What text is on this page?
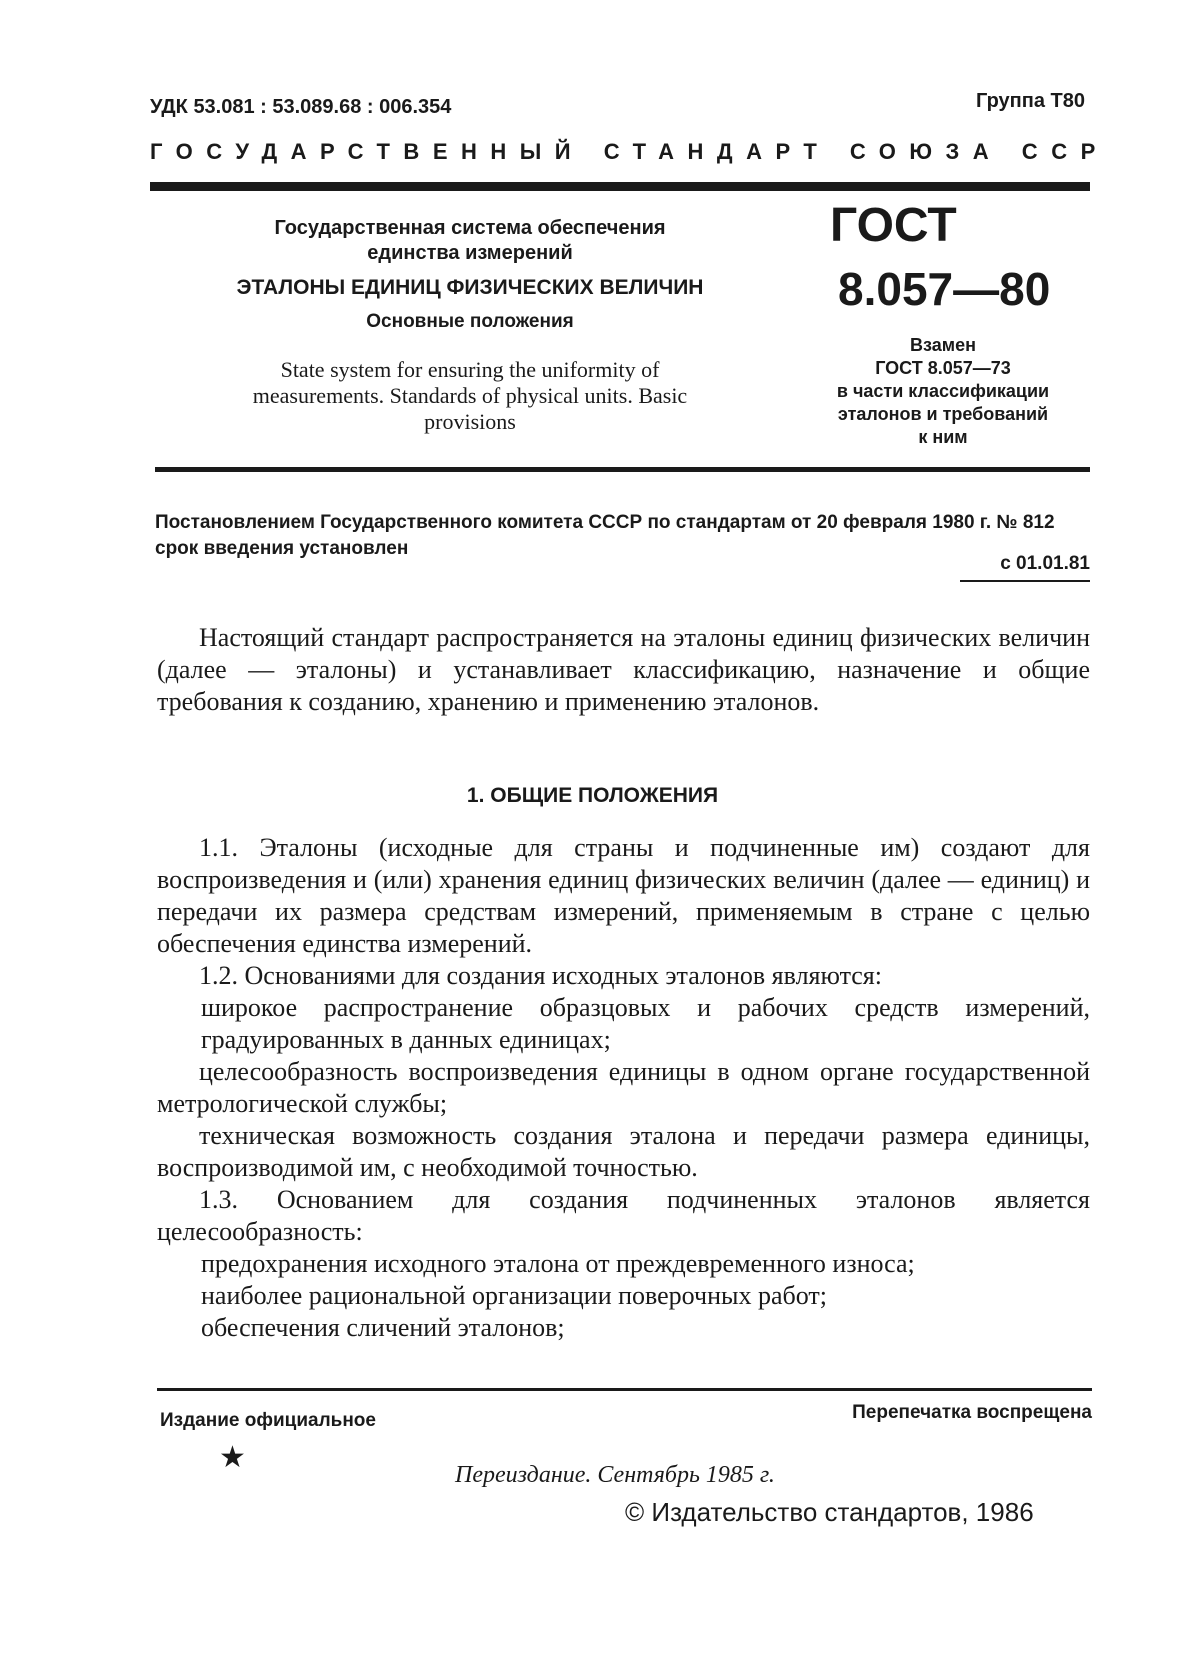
УДК 53.081 : 53.089.68 : 006.354	Группа Т80
ГОСУДАРСТВЕННЫЙ СТАНДАРТ СОЮЗА ССР
Государственная система обеспечения
единства измерений
ЭТАЛОНЫ ЕДИНИЦ ФИЗИЧЕСКИХ ВЕЛИЧИН
Основные положения
State system for ensuring the uniformity of measurements. Standards of physical units. Basic provisions
ГОСТ
8.057—80
Взамен
ГОСТ 8.057—73
в части классификации
эталонов и требований
к ним
Постановлением Государственного комитета СССР по стандартам от 20 февраля 1980 г. № 812 срок введения установлен
с 01.01.81
Настоящий стандарт распространяется на эталоны единиц физических величин (далее — эталоны) и устанавливает классификацию, назначение и общие требования к созданию, хранению и применению эталонов.
1. ОБЩИЕ ПОЛОЖЕНИЯ
1.1. Эталоны (исходные для страны и подчиненные им) создают для воспроизведения и (или) хранения единиц физических величин (далее — единиц) и передачи их размера средствам измерений, применяемым в стране с целью обеспечения единства измерений.
1.2. Основаниями для создания исходных эталонов являются:
широкое распространение образцовых и рабочих средств измерений, градуированных в данных единицах;
целесообразность воспроизведения единицы в одном органе государственной метрологической службы;
техническая возможность создания эталона и передачи размера единицы, воспроизводимой им, с необходимой точностью.
1.3. Основанием для создания подчиненных эталонов является целесообразность:
предохранения исходного эталона от преждевременного износа;
наиболее рациональной организации поверочных работ;
обеспечения сличений эталонов;
Издание официальное	Перепечатка воспрещена
★
Переиздание. Сентябрь 1985 г.
© Издательство стандартов, 1986
